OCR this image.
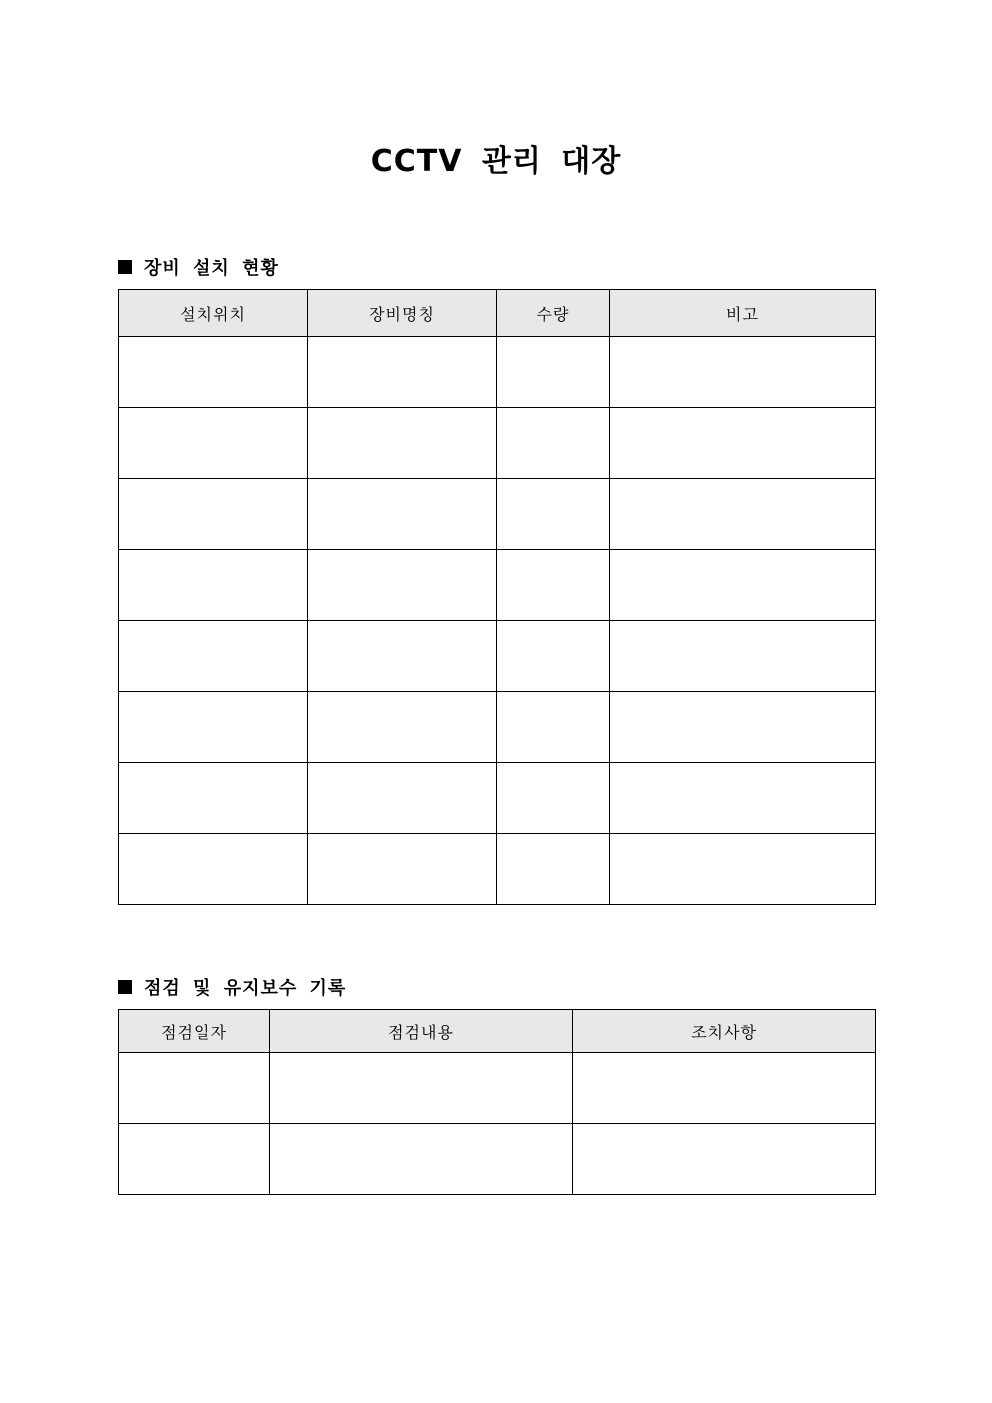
CCTV 관리 대장
장비 설치 현황
설치위치	장비명칭	수량	비고

점검 및 유지보수 기록
점검일자	점검내용	조치사항
